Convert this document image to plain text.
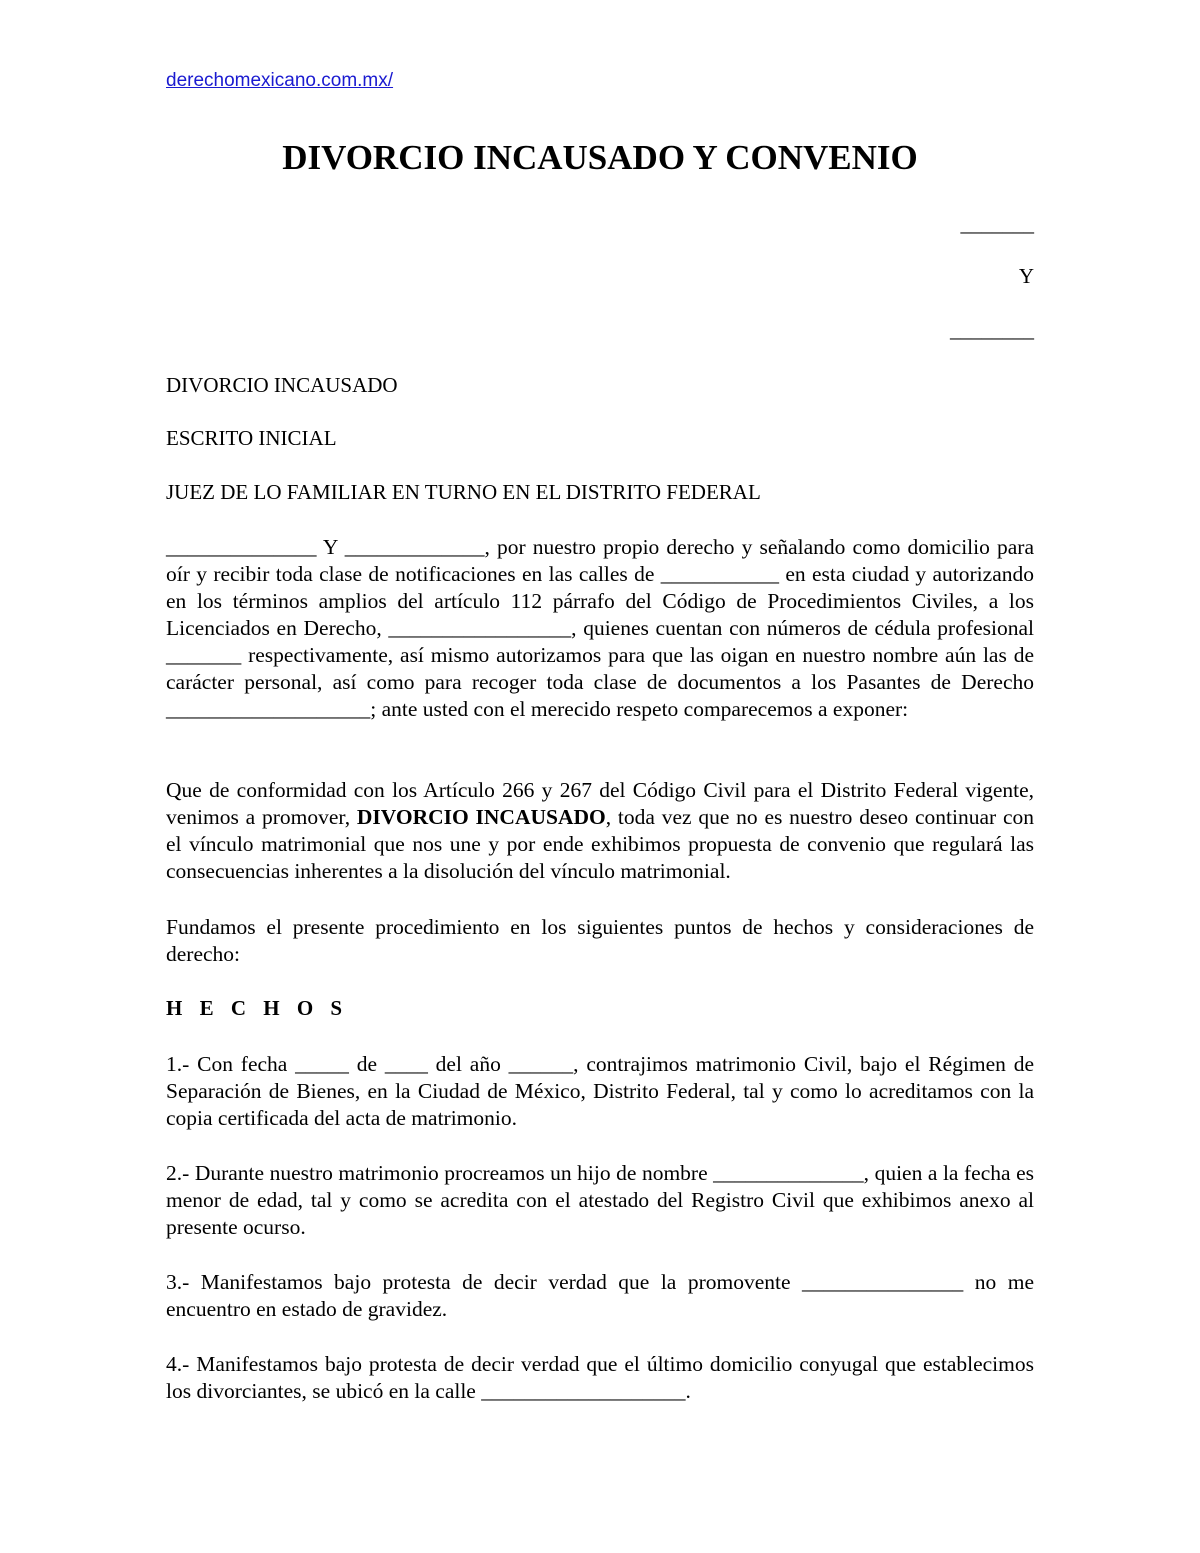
derechomexicano.com.mx/
DIVORCIO INCAUSADO Y CONVENIO
_______
Y
________

DIVORCIO INCAUSADO

ESCRITO INICIAL

JUEZ DE LO FAMILIAR EN TURNO EN EL DISTRITO FEDERAL

______________ Y _____________, por nuestro propio derecho y señalando como domicilio para oír y recibir toda clase de notificaciones en las calles de ___________ en esta ciudad y autorizando en los términos amplios del artículo 112 párrafo del Código de Procedimientos Civiles, a los Licenciados en Derecho, _________________, quienes cuentan con números de cédula profesional _______ respectivamente, así mismo autorizamos para que las oigan en nuestro nombre aún las de carácter personal, así como para recoger toda clase de documentos a los Pasantes de Derecho ___________________; ante usted con el merecido respeto comparecemos a exponer:

Que de conformidad con los Artículo 266 y 267 del Código Civil para el Distrito Federal vigente, venimos a promover, DIVORCIO INCAUSADO, toda vez que no es nuestro deseo continuar con el vínculo matrimonial que nos une y por ende exhibimos propuesta de convenio que regulará las consecuencias inherentes a la disolución del vínculo matrimonial.

Fundamos el presente procedimiento en los siguientes puntos de hechos y consideraciones de derecho:

H E C H O S

1.- Con fecha _____ de ____ del año ______, contrajimos matrimonio Civil, bajo el Régimen de Separación de Bienes, en la Ciudad de México, Distrito Federal, tal y como lo acreditamos con la copia certificada del acta de matrimonio.

2.- Durante nuestro matrimonio procreamos un hijo de nombre ______________, quien a la fecha es menor de edad, tal y como se acredita con el atestado del Registro Civil que exhibimos anexo al presente ocurso.

3.- Manifestamos bajo protesta de decir verdad que la promovente _______________ no me encuentro en estado de gravidez.

4.- Manifestamos bajo protesta de decir verdad que el último domicilio conyugal que establecimos los divorciantes, se ubicó en la calle ___________________.
